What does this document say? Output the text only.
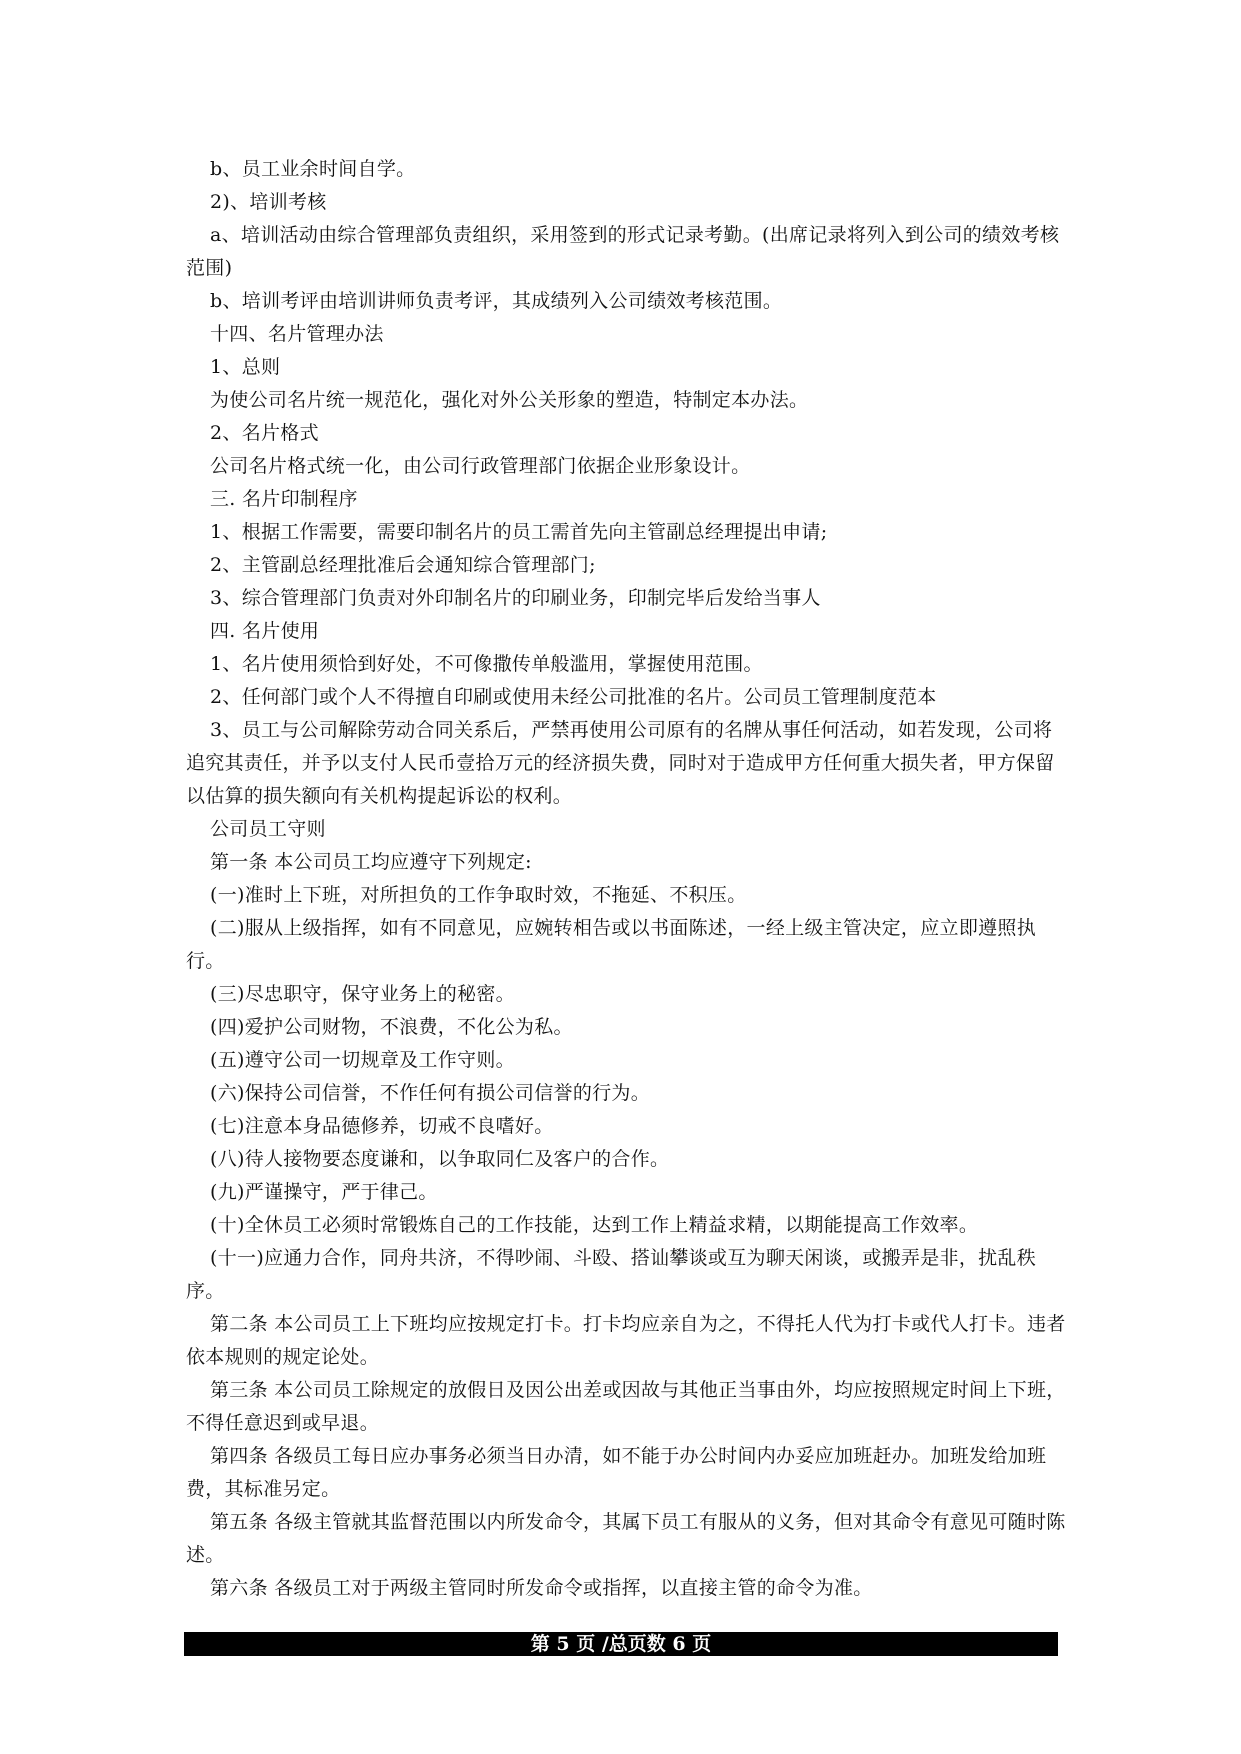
b、员工业余时间自学。

2)、培训考核

a、培训活动由综合管理部负责组织，采用签到的形式记录考勤。(出席记录将列入到公司的绩效考核范围)

b、培训考评由培训讲师负责考评，其成绩列入公司绩效考核范围。

十四、名片管理办法

1、总则

为使公司名片统一规范化，强化对外公关形象的塑造，特制定本办法。

2、名片格式

公司名片格式统一化，由公司行政管理部门依据企业形象设计。

三. 名片印制程序

1、根据工作需要，需要印制名片的员工需首先向主管副总经理提出申请;

2、主管副总经理批准后会通知综合管理部门;

3、综合管理部门负责对外印制名片的印刷业务，印制完毕后发给当事人

四. 名片使用

1、名片使用须恰到好处，不可像撒传单般滥用，掌握使用范围。

2、任何部门或个人不得擅自印刷或使用未经公司批准的名片。公司员工管理制度范本

3、员工与公司解除劳动合同关系后，严禁再使用公司原有的名牌从事任何活动，如若发现，公司将追究其责任，并予以支付人民币壹拾万元的经济损失费，同时对于造成甲方任何重大损失者，甲方保留以估算的损失额向有关机构提起诉讼的权利。

公司员工守则

第一条 本公司员工均应遵守下列规定:

(一)准时上下班，对所担负的工作争取时效，不拖延、不积压。

(二)服从上级指挥，如有不同意见，应婉转相告或以书面陈述，一经上级主管决定，应立即遵照执行。

(三)尽忠职守，保守业务上的秘密。

(四)爱护公司财物，不浪费，不化公为私。

(五)遵守公司一切规章及工作守则。

(六)保持公司信誉，不作任何有损公司信誉的行为。

(七)注意本身品德修养，切戒不良嗜好。

(八)待人接物要态度谦和，以争取同仁及客户的合作。

(九)严谨操守，严于律己。

(十)全休员工必须时常锻炼自己的工作技能，达到工作上精益求精，以期能提高工作效率。

(十一)应通力合作，同舟共济，不得吵闹、斗殴、搭讪攀谈或互为聊天闲谈，或搬弄是非，扰乱秩序。

第二条 本公司员工上下班均应按规定打卡。打卡均应亲自为之，不得托人代为打卡或代人打卡。违者依本规则的规定论处。

第三条 本公司员工除规定的放假日及因公出差或因故与其他正当事由外，均应按照规定时间上下班，不得任意迟到或早退。

第四条 各级员工每日应办事务必须当日办清，如不能于办公时间内办妥应加班赶办。加班发给加班费，其标准另定。

第五条 各级主管就其监督范围以内所发命令，其属下员工有服从的义务，但对其命令有意见可随时陈述。

第六条 各级员工对于两级主管同时所发命令或指挥，以直接主管的命令为准。

第 5 页 /总页数 6 页
